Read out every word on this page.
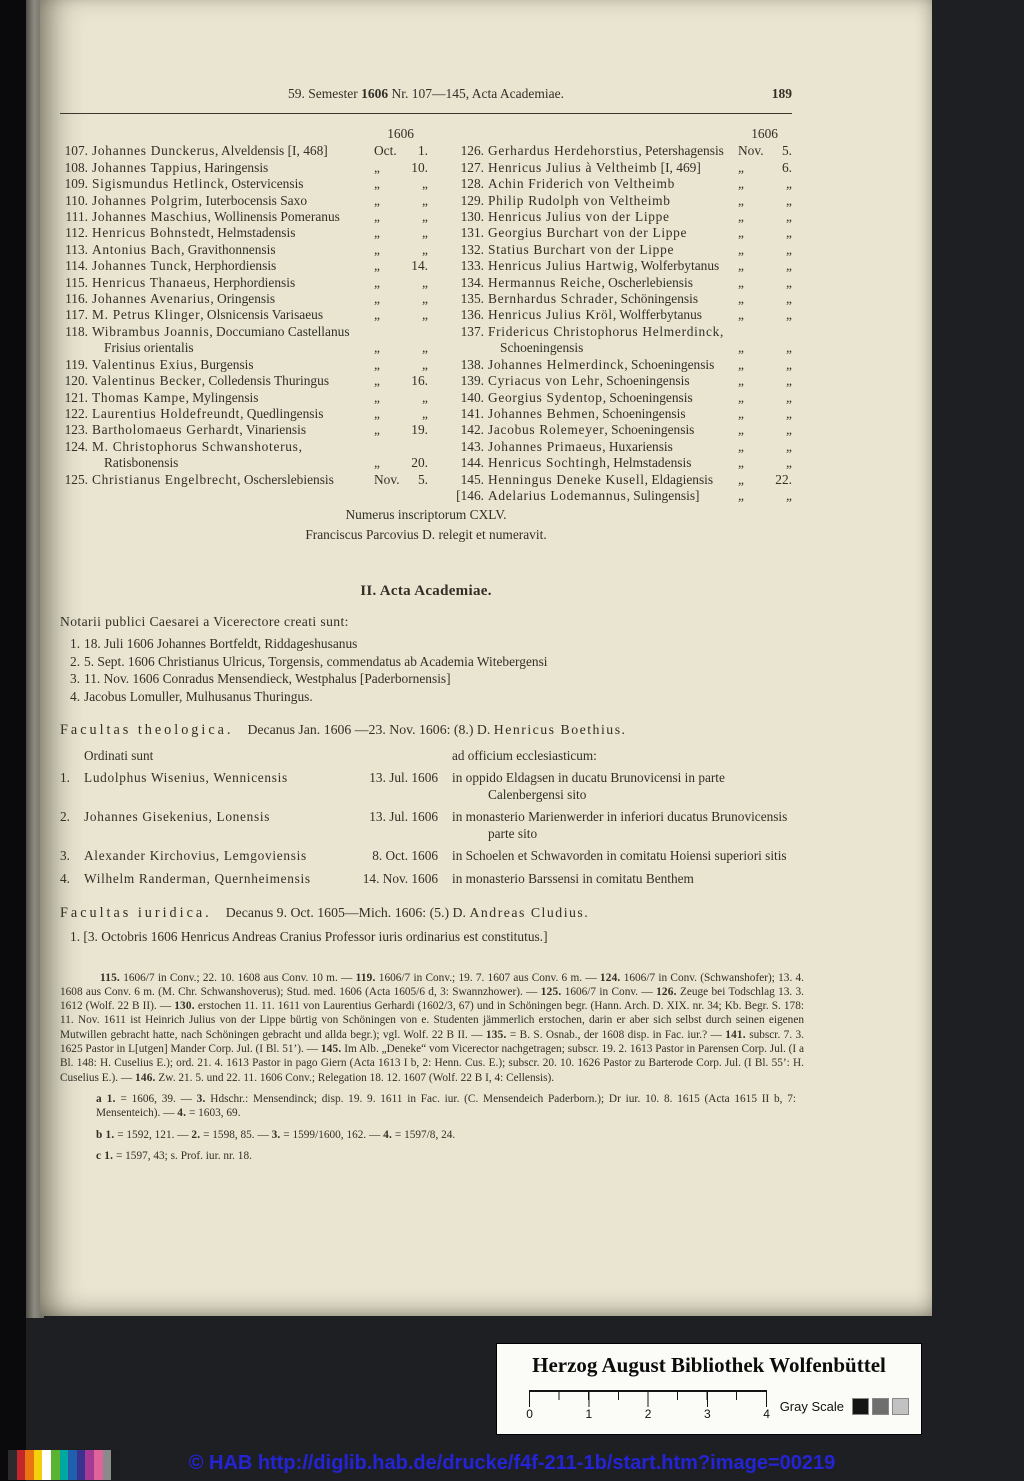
59. Semester 1606 Nr. 107—145, Acta Academiae.	189
1606
107. Johannes Dunckerus, Alveldensis [I, 468]	Oct.	1.
108. Johannes Tappius, Haringensis	„	10.
109. Sigismundus Hetlinck, Ostervicensis	„	„
110. Johannes Polgrim, Iuterbocensis Saxo	„	„
111. Johannes Maschius, Wollinensis Pomeranus	„	„
112. Henricus Bohnstedt, Helmstadensis	„	„
113. Antonius Bach, Gravithonnensis	„	„
114. Johannes Tunck, Herphordiensis	„	14.
115. Henricus Thanaeus, Herphordiensis	„	„
116. Johannes Avenarius, Oringensis	„	„
117. M. Petrus Klinger, Olsnicensis Varisaeus	„	„
118. Wibrambus Joannis, Doccumiano Castellanus Frisius orientalis	„	„
119. Valentinus Exius, Burgensis	„	„
120. Valentinus Becker, Colledensis Thuringus	„	16.
121. Thomas Kampe, Mylingensis	„	„
122. Laurentius Holdefreundt, Quedlingensis	„	„
123. Bartholomaeus Gerhardt, Vinariensis	„	19.
124. M. Christophorus Schwanshoterus, Ratisbonensis	„	20.
125. Christianus Engelbrecht, Oscherslebiensis	Nov.	5.
1606
126. Gerhardus Herdehorstius, Petershagensis	Nov.	5.
127. Henricus Julius à Veltheimb [I, 469]	„	6.
128. Achin Friderich von Veltheimb	„	„
129. Philip Rudolph von Veltheimb	„	„
130. Henricus Julius von der Lippe	„	„
131. Georgius Burchart von der Lippe	„	„
132. Statius Burchart von der Lippe	„	„
133. Henricus Julius Hartwig, Wolferbytanus	„	„
134. Hermannus Reiche, Oscherlebiensis	„	„
135. Bernhardus Schrader, Schöningensis	„	„
136. Henricus Julius Kröl, Wolfferbytanus	„	„
137. Fridericus Christophorus Helmerdinck, Schoeningensis	„	„
138. Johannes Helmerdinck, Schoeningensis	„	„
139. Cyriacus von Lehr, Schoeningensis	„	„
140. Georgius Sydentop, Schoeningensis	„	„
141. Johannes Behmen, Schoeningensis	„	„
142. Jacobus Rolemeyer, Schoeningensis	„	„
143. Johannes Primaeus, Huxariensis	„	„
144. Henricus Sochtingh, Helmstadensis	„	„
145. Henningus Deneke Kusell, Eldagiensis	„	22.
[146. Adelarius Lodemannus, Sulingensis]	„	„
Numerus inscriptorum CXLV.
Franciscus Parcovius D. relegit et numeravit.
II. Acta Academiae.
Notarii publici Caesarei a Vicerectore creati sunt:
1. 18. Juli 1606 Johannes Bortfeldt, Riddageshusanus
2. 5. Sept. 1606 Christianus Ulricus, Torgensis, commendatus ab Academia Witebergensi
3. 11. Nov. 1606 Conradus Mensendieck, Westphalus [Paderbornensis]
4. Jacobus Lomuller, Mulhusanus Thuringus.
Facultas theologica. Decanus Jan. 1606 —23. Nov. 1606: (8.) D. Henricus Boethius.
Ordinati sunt	ad officium ecclesiasticum:
1.	Ludolphus Wisenius, Wennicensis	13. Jul. 1606	in oppido Eldagsen in ducatu Brunovicensi in parte Calenbergensi sito
2.	Johannes Gisekenius, Lonensis	13. Jul. 1606	in monasterio Marienwerder in inferiori ducatus Brunovicensis parte sito
3.	Alexander Kirchovius, Lemgoviensis	8. Oct. 1606	in Schoelen et Schwavorden in comitatu Hoiensi superiori sitis
4.	Wilhelm Randerman, Quernheimensis	14. Nov. 1606	in monasterio Barssensi in comitatu Benthem
Facultas iuridica. Decanus 9. Oct. 1605—Mich. 1606: (5.) D. Andreas Cludius.
1. [3. Octobris 1606 Henricus Andreas Cranius Professor iuris ordinarius est constitutus.]

115. 1606/7 in Conv.; 22. 10. 1608 aus Conv. 10 m. — 119. 1606/7 in Conv.; 19. 7. 1607 aus Conv. 6 m. — 124. 1606/7 in Conv. (Schwanshofer); 13. 4. 1608 aus Conv. 6 m. (M. Chr. Schwanshoverus); Stud. med. 1606 (Acta 1605/6 d, 3: Swannzhower). — 125. 1606/7 in Conv. — 126. Zeuge bei Todschlag 13. 3. 1612 (Wolf. 22 B II). — 130. erstochen 11. 11. 1611 von Laurentius Gerhardi (1602/3, 67) und in Schöningen begr. (Hann. Arch. D. XIX. nr. 34; Kb. Begr. S. 178: 11. Nov. 1611 ist Heinrich Julius von der Lippe bürtig von Schöningen von e. Studenten jämmerlich erstochen, darin er aber sich selbst durch seinen eigenen Mutwillen gebracht hatte, nach Schöningen gebracht und allda begr.); vgl. Wolf. 22 B II. — 135. = B. S. Osnab., der 1608 disp. in Fac. iur.? — 141. subscr. 7. 3. 1625 Pastor in L[utgen] Mander Corp. Jul. (I Bl. 51’). — 145. Im Alb. „Deneke“ vom Vicerector nachgetragen; subscr. 19. 2. 1613 Pastor in Parensen Corp. Jul. (I a Bl. 148: H. Cuselius E.); ord. 21. 4. 1613 Pastor in pago Giern (Acta 1613 I b, 2: Henn. Cus. E.); subscr. 20. 10. 1626 Pastor zu Barterode Corp. Jul. (I Bl. 55’: H. Cuselius E.). — 146. Zw. 21. 5. und 22. 11. 1606 Conv.; Relegation 18. 12. 1607 (Wolf. 22 B I, 4: Cellensis).

a 1. = 1606, 39. — 3. Hdschr.: Mensendinck; disp. 19. 9. 1611 in Fac. iur. (C. Mensendeich Paderborn.); Dr iur. 10. 8. 1615 (Acta 1615 II b, 7: Mensenteich). — 4. = 1603, 69.

b 1. = 1592, 121. — 2. = 1598, 85. — 3. = 1599/1600, 162. — 4. = 1597/8, 24.

c 1. = 1597, 43; s. Prof. iur. nr. 18.

Herzog August Bibliothek Wolfenbüttel
0	1	2	3	4 Gray Scale
© HAB http://diglib.hab.de/drucke/f4f-211-1b/start.htm?image=00219
